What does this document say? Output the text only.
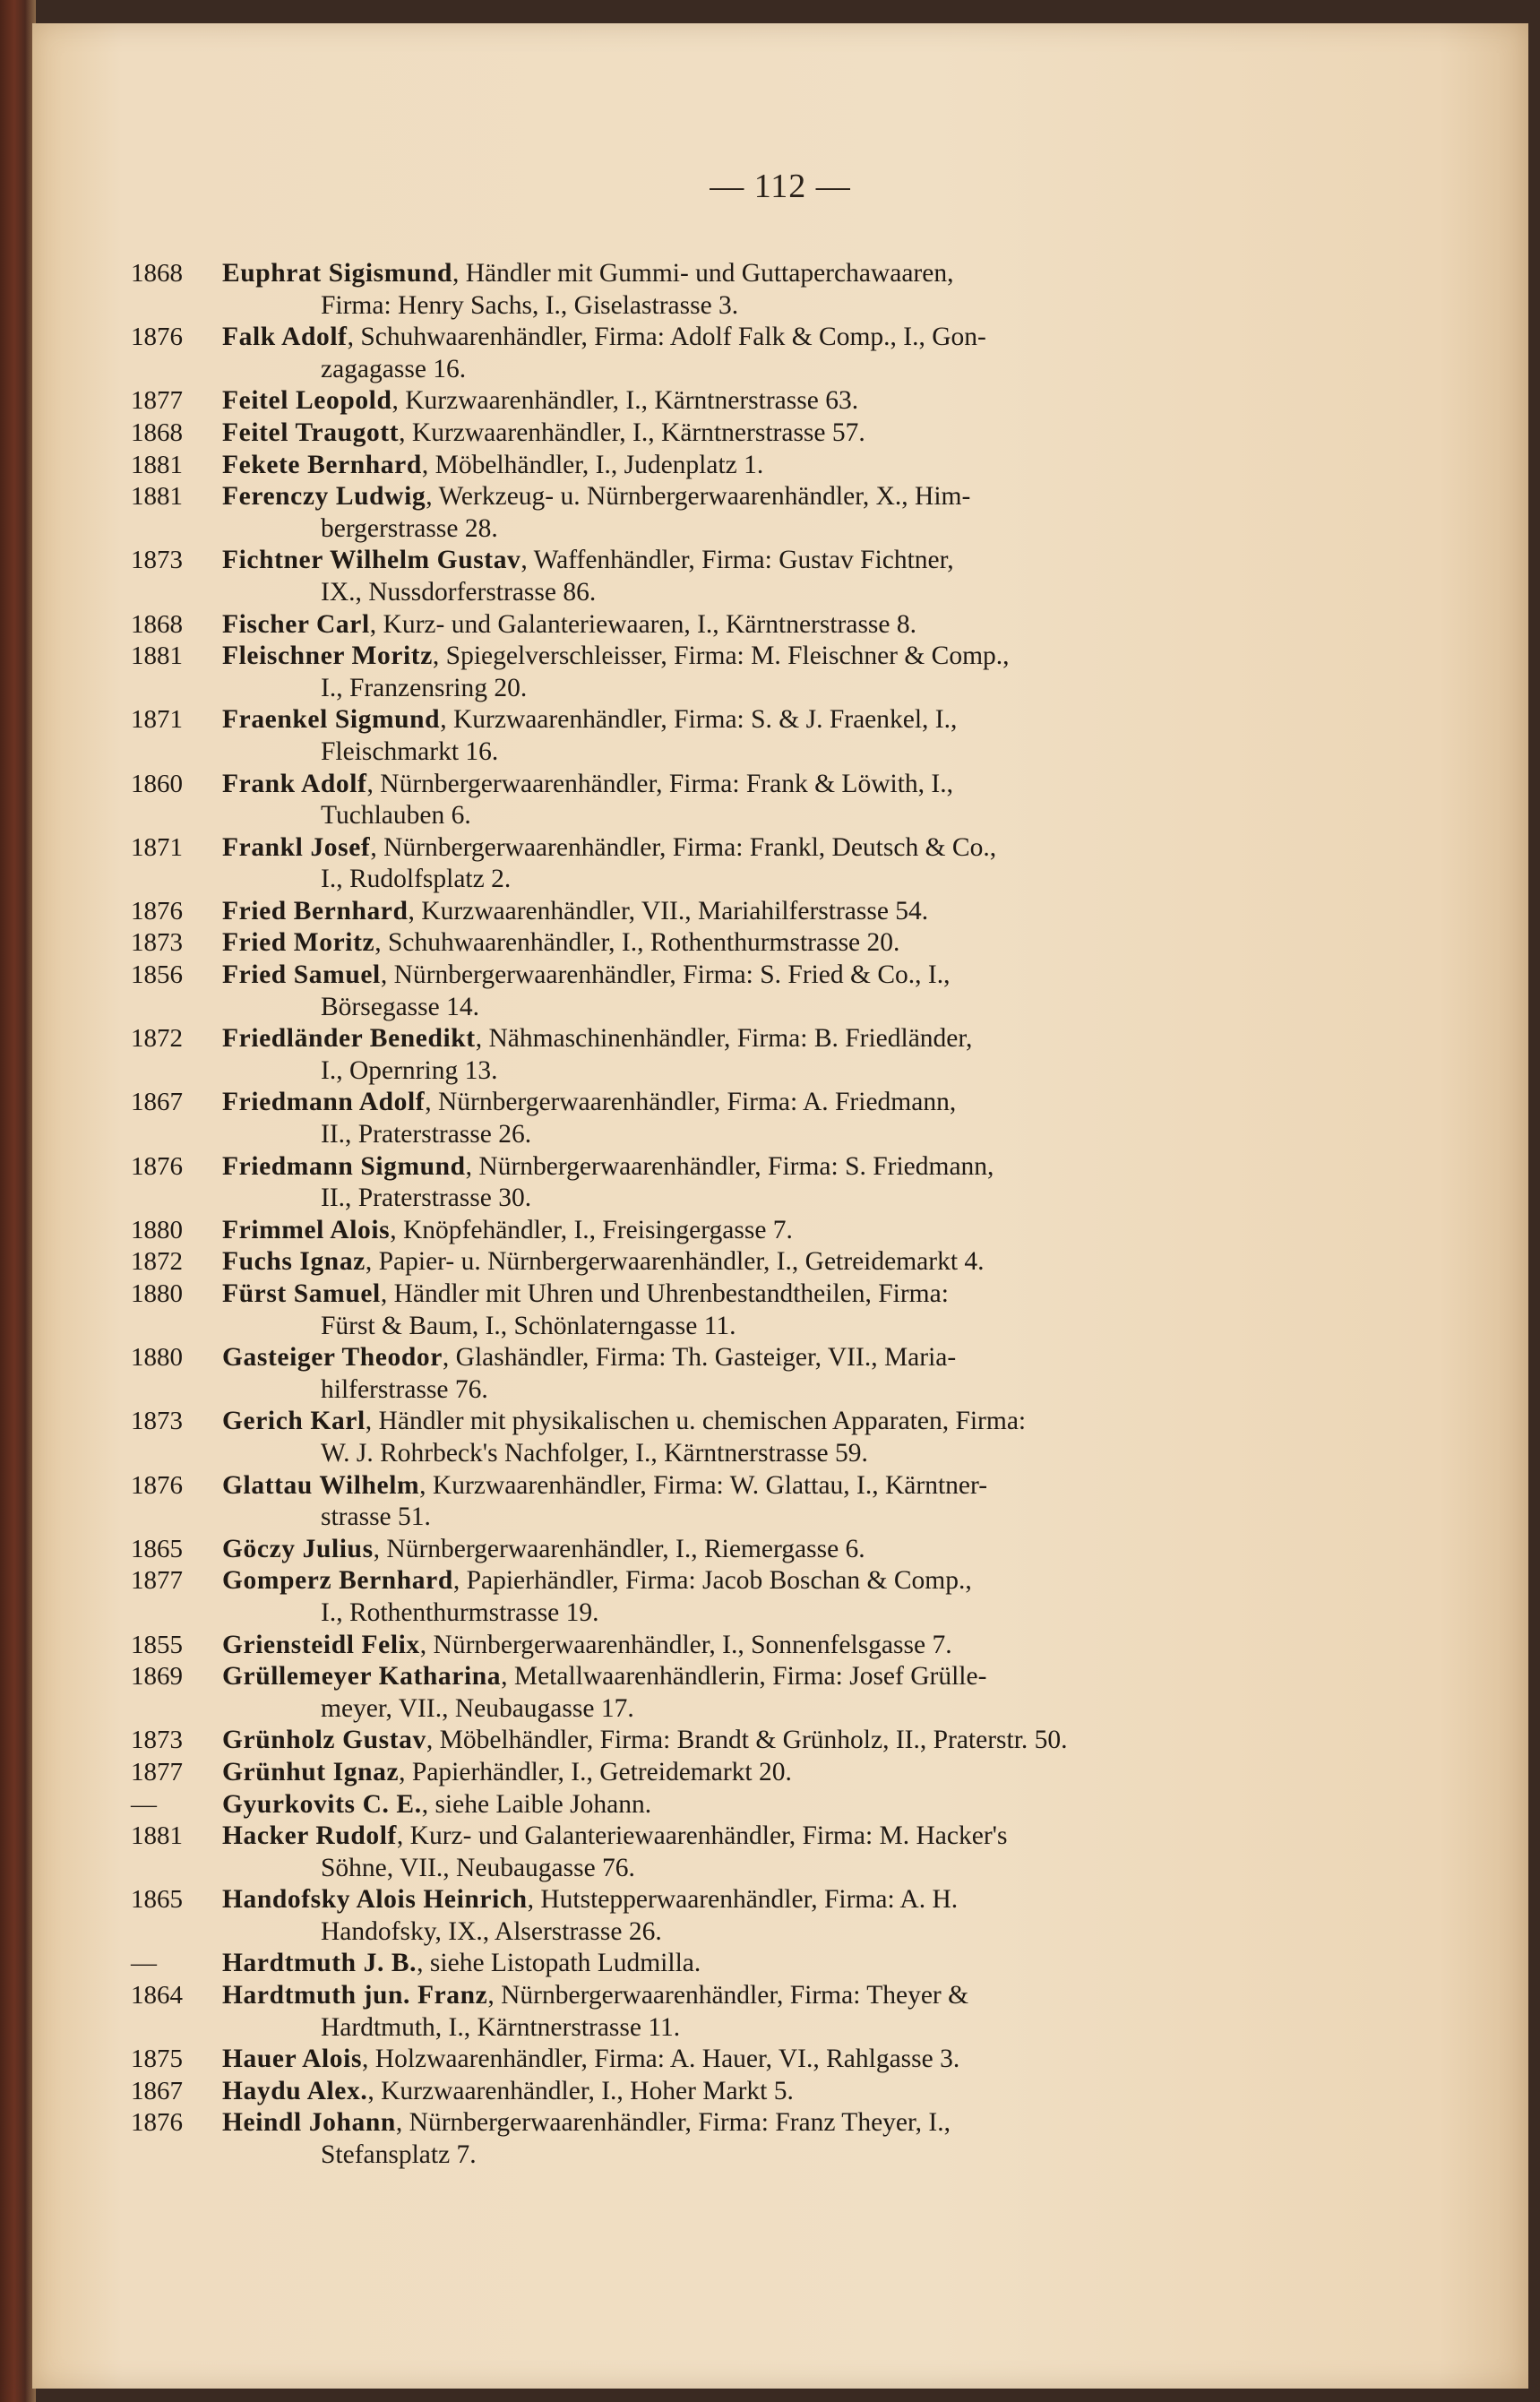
— 112 —
1868	Euphrat Sigismund, Händler mit Gummi- und Guttaperchawaaren,
Firma: Henry Sachs, I., Giselastrasse 3.
1876	Falk Adolf, Schuhwaarenhändler, Firma: Adolf Falk & Comp., I., Gon-
zagagasse 16.
1877	Feitel Leopold, Kurzwaarenhändler, I., Kärntnerstrasse 63.
1868	Feitel Traugott, Kurzwaarenhändler, I., Kärntnerstrasse 57.
1881	Fekete Bernhard, Möbelhändler, I., Judenplatz 1.
1881	Ferenczy Ludwig, Werkzeug- u. Nürnbergerwaarenhändler, X., Him-
bergerstrasse 28.
1873	Fichtner Wilhelm Gustav, Waffenhändler, Firma: Gustav Fichtner,
IX., Nussdorferstrasse 86.
1868	Fischer Carl, Kurz- und Galanteriewaaren, I., Kärntnerstrasse 8.
1881	Fleischner Moritz, Spiegelverschleisser, Firma: M. Fleischner & Comp.,
I., Franzensring 20.
1871	Fraenkel Sigmund, Kurzwaarenhändler, Firma: S. & J. Fraenkel, I.,
Fleischmarkt 16.
1860	Frank Adolf, Nürnbergerwaarenhändler, Firma: Frank & Löwith, I.,
Tuchlauben 6.
1871	Frankl Josef, Nürnbergerwaarenhändler, Firma: Frankl, Deutsch & Co.,
I., Rudolfsplatz 2.
1876	Fried Bernhard, Kurzwaarenhändler, VII., Mariahilferstrasse 54.
1873	Fried Moritz, Schuhwaarenhändler, I., Rothenthurmstrasse 20.
1856	Fried Samuel, Nürnbergerwaarenhändler, Firma: S. Fried & Co., I.,
Börsegasse 14.
1872	Friedländer Benedikt, Nähmaschinenhändler, Firma: B. Friedländer,
I., Opernring 13.
1867	Friedmann Adolf, Nürnbergerwaarenhändler, Firma: A. Friedmann,
II., Praterstrasse 26.
1876	Friedmann Sigmund, Nürnbergerwaarenhändler, Firma: S. Friedmann,
II., Praterstrasse 30.
1880	Frimmel Alois, Knöpfehändler, I., Freisingergasse 7.
1872	Fuchs Ignaz, Papier- u. Nürnbergerwaarenhändler, I., Getreidemarkt 4.
1880	Fürst Samuel, Händler mit Uhren und Uhrenbestandtheilen, Firma:
Fürst & Baum, I., Schönlaterngasse 11.
1880	Gasteiger Theodor, Glashändler, Firma: Th. Gasteiger, VII., Maria-
hilferstrasse 76.
1873	Gerich Karl, Händler mit physikalischen u. chemischen Apparaten, Firma:
W. J. Rohrbeck's Nachfolger, I., Kärntnerstrasse 59.
1876	Glattau Wilhelm, Kurzwaarenhändler, Firma: W. Glattau, I., Kärntner-
strasse 51.
1865	Göczy Julius, Nürnbergerwaarenhändler, I., Riemergasse 6.
1877	Gomperz Bernhard, Papierhändler, Firma: Jacob Boschan & Comp.,
I., Rothenthurmstrasse 19.
1855	Griensteidl Felix, Nürnbergerwaarenhändler, I., Sonnenfelsgasse 7.
1869	Grüllemeyer Katharina, Metallwaarenhändlerin, Firma: Josef Grülle-
meyer, VII., Neubaugasse 17.
1873	Grünholz Gustav, Möbelhändler, Firma: Brandt & Grünholz, II., Praterstr. 50.
1877	Grünhut Ignaz, Papierhändler, I., Getreidemarkt 20.
—	Gyurkovits C. E., siehe Laible Johann.
1881	Hacker Rudolf, Kurz- und Galanteriewaarenhändler, Firma: M. Hacker's
Söhne, VII., Neubaugasse 76.
1865	Handofsky Alois Heinrich, Hutstepperwaarenhändler, Firma: A. H.
Handofsky, IX., Alserstrasse 26.
—	Hardtmuth J. B., siehe Listopath Ludmilla.
1864	Hardtmuth jun. Franz, Nürnbergerwaarenhändler, Firma: Theyer &
Hardtmuth, I., Kärntnerstrasse 11.
1875	Hauer Alois, Holzwaarenhändler, Firma: A. Hauer, VI., Rahlgasse 3.
1867	Haydu Alex., Kurzwaarenhändler, I., Hoher Markt 5.
1876	Heindl Johann, Nürnbergerwaarenhändler, Firma: Franz Theyer, I.,
Stefansplatz 7.
